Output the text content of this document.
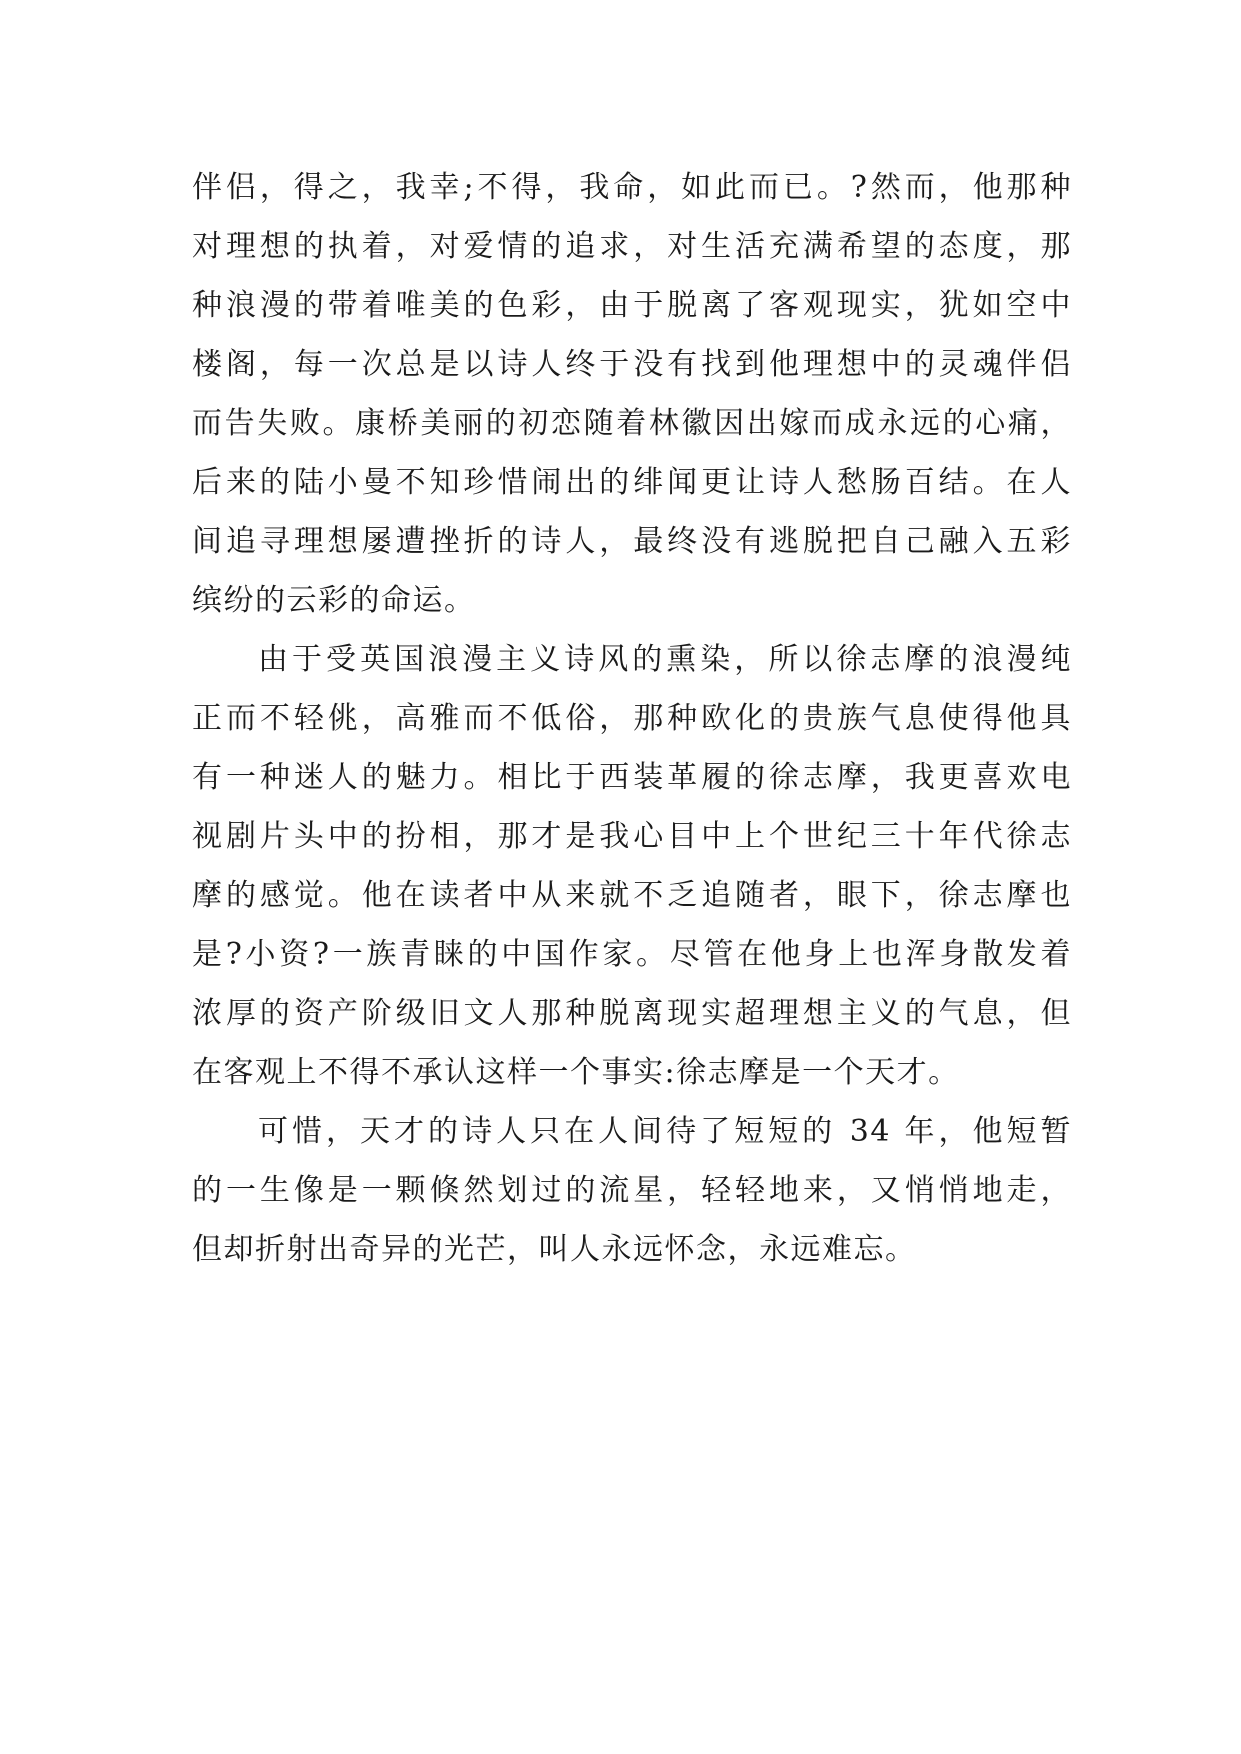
伴侣，得之，我幸;不得，我命，如此而已。?然而，他那种
对理想的执着，对爱情的追求，对生活充满希望的态度，那
种浪漫的带着唯美的色彩，由于脱离了客观现实，犹如空中
楼阁，每一次总是以诗人终于没有找到他理想中的灵魂伴侣
而告失败。康桥美丽的初恋随着林徽因出嫁而成永远的心痛，
后来的陆小曼不知珍惜闹出的绯闻更让诗人愁肠百结。在人
间追寻理想屡遭挫折的诗人，最终没有逃脱把自己融入五彩
缤纷的云彩的命运。
由于受英国浪漫主义诗风的熏染，所以徐志摩的浪漫纯
正而不轻佻，高雅而不低俗，那种欧化的贵族气息使得他具
有一种迷人的魅力。相比于西装革履的徐志摩，我更喜欢电
视剧片头中的扮相，那才是我心目中上个世纪三十年代徐志
摩的感觉。他在读者中从来就不乏追随者，眼下，徐志摩也
是?小资?一族青睐的中国作家。尽管在他身上也浑身散发着
浓厚的资产阶级旧文人那种脱离现实超理想主义的气息，但
在客观上不得不承认这样一个事实:徐志摩是一个天才。
可惜，天才的诗人只在人间待了短短的 34 年，他短暂
的一生像是一颗倏然划过的流星，轻轻地来，又悄悄地走，
但却折射出奇异的光芒，叫人永远怀念，永远难忘。
